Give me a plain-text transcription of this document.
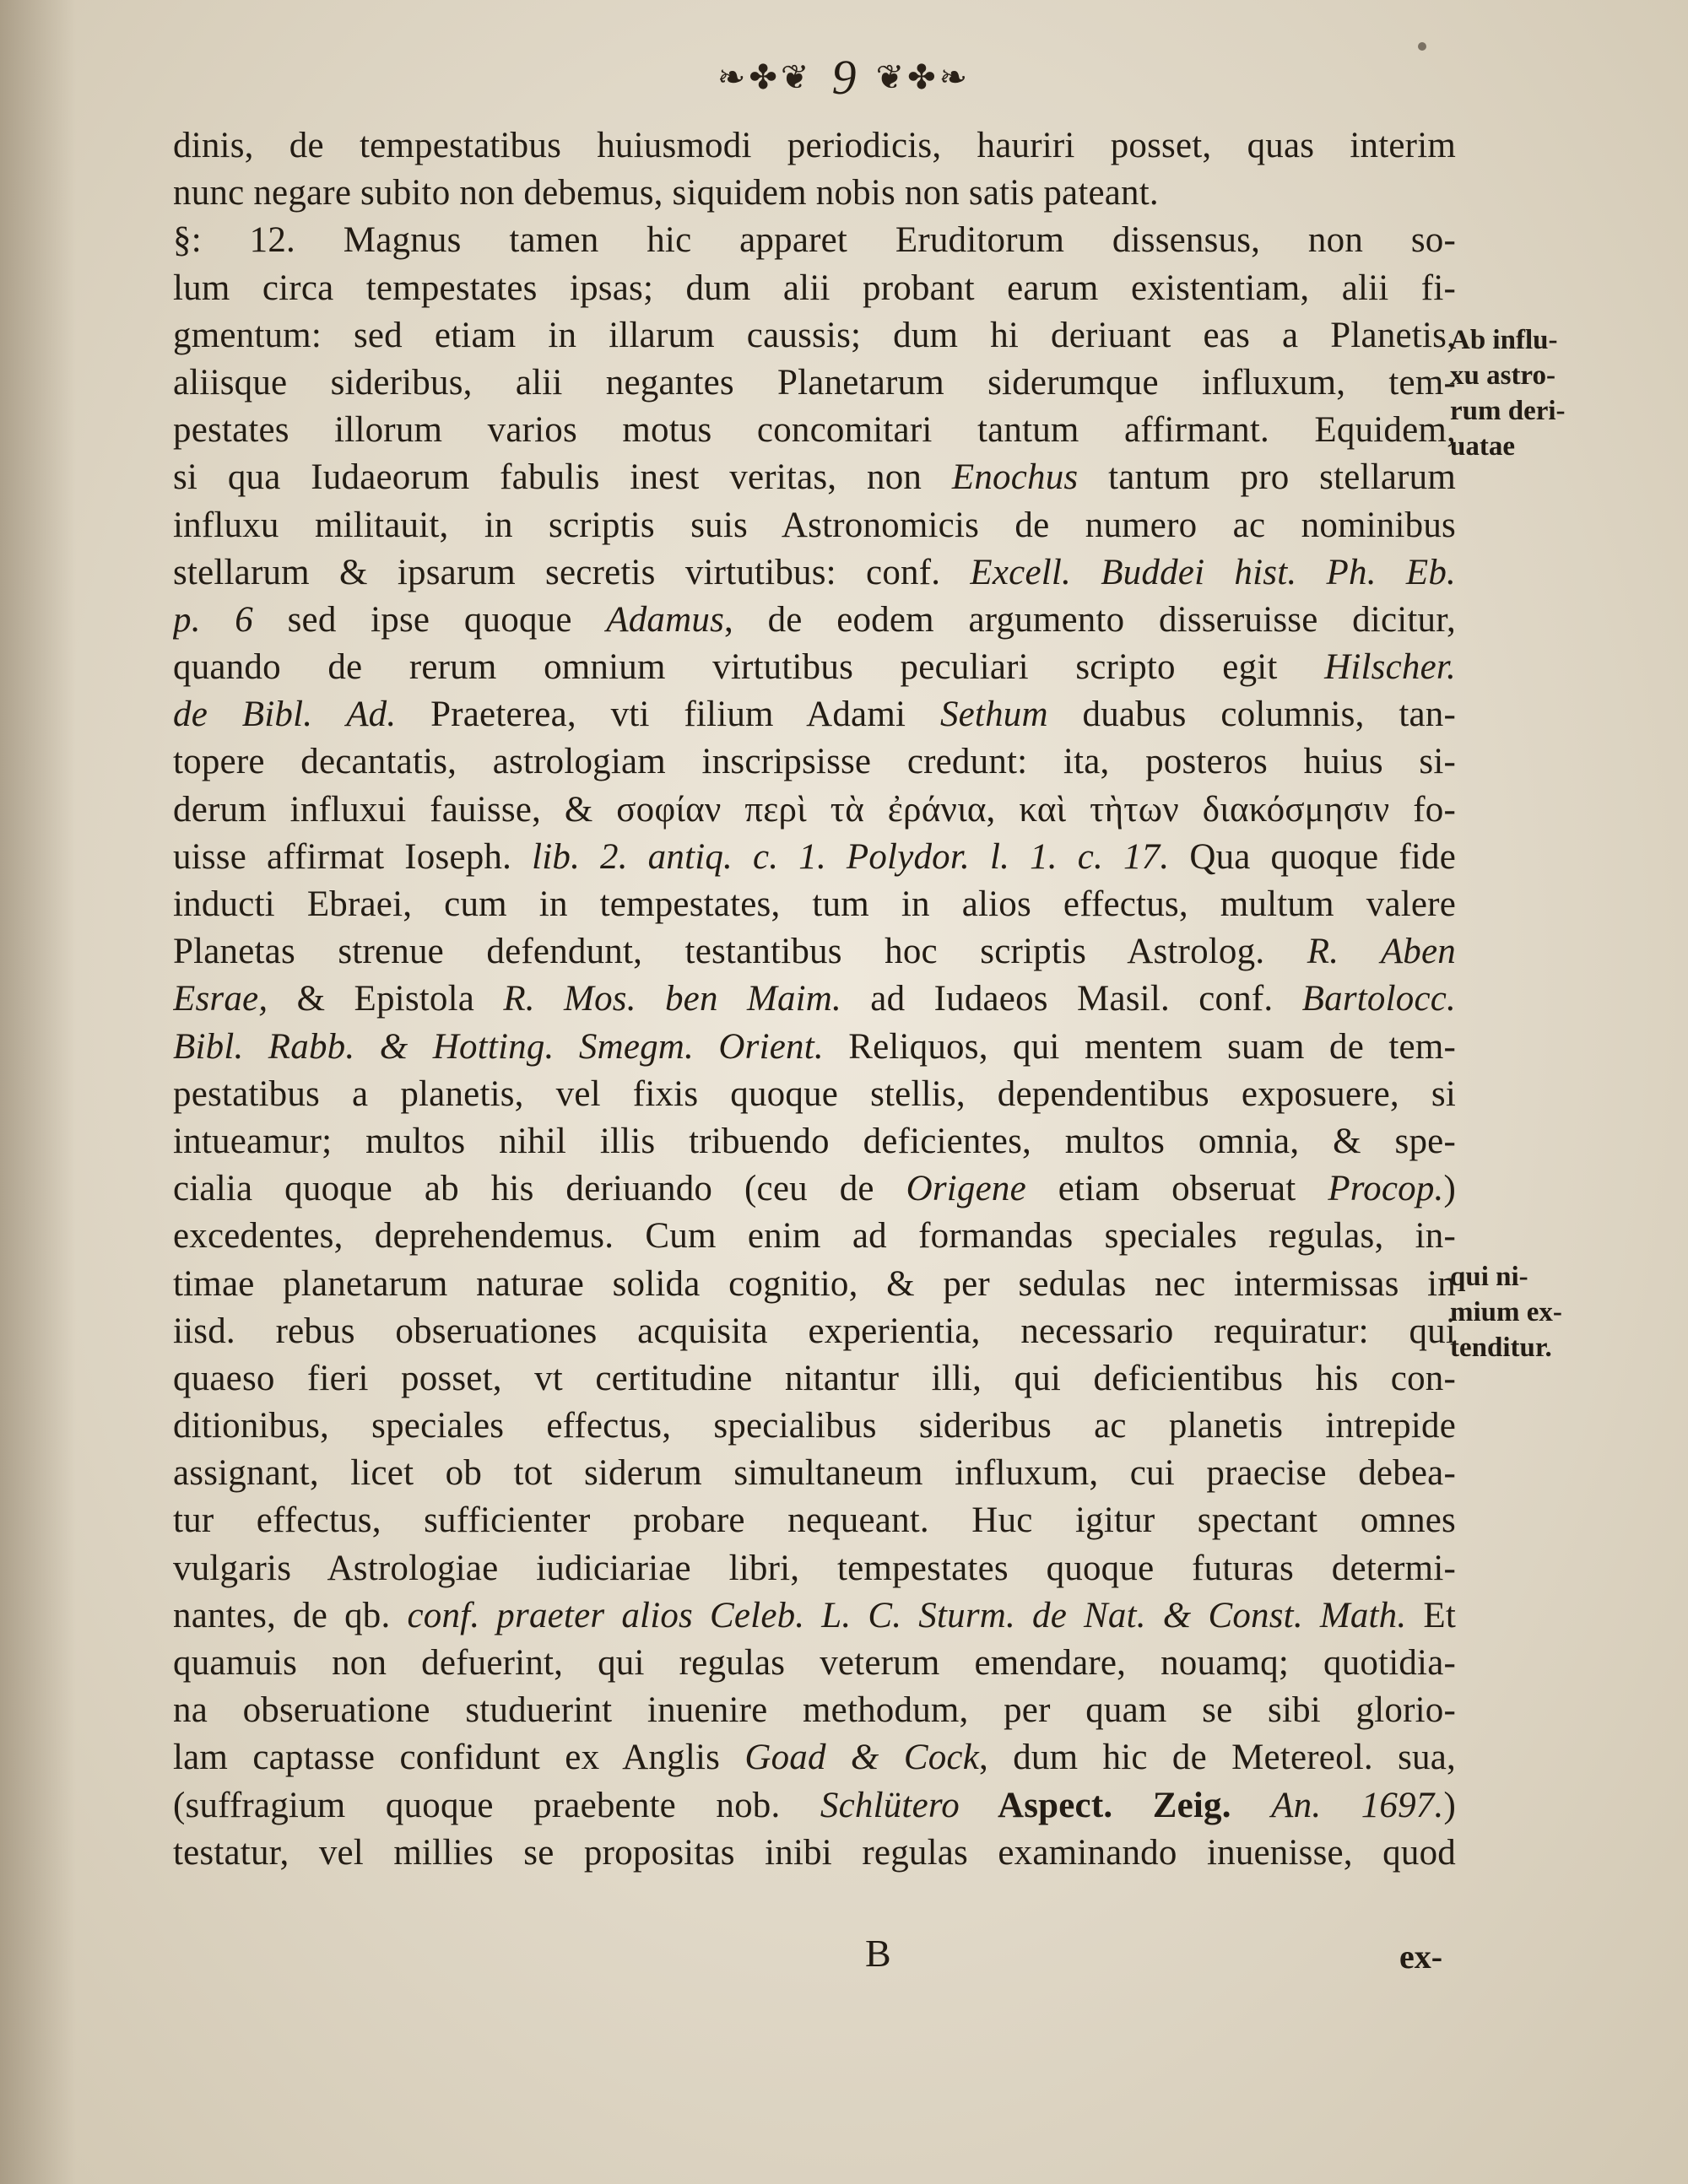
❧✤❦ 9 ❦✤❧
dinis, de tempestatibus huiusmodi periodicis, hauriri posset, quas interim
nunc negare subito non debemus, siquidem nobis non satis pateant.
§: 12. Magnus tamen hic apparet Eruditorum dissensus, non so-
lum circa tempestates ipsas; dum alii probant earum existentiam, alii fi-
gmentum: sed etiam in illarum caussis; dum hi deriuant eas a Planetis,
aliisque sideribus, alii negantes Planetarum siderumque influxum, tem-
pestates illorum varios motus concomitari tantum affirmant. Equidem,
si qua Iudaeorum fabulis inest veritas, non Enochus tantum pro stellarum
influxu militauit, in scriptis suis Astronomicis de numero ac nominibus
stellarum & ipsarum secretis virtutibus: conf. Excell. Buddei hist. Ph. Eb.
p. 6 sed ipse quoque Adamus, de eodem argumento disseruisse dicitur,
quando de rerum omnium virtutibus peculiari scripto egit Hilscher.
de Bibl. Ad. Praeterea, vti filium Adami Sethum duabus columnis, tan-
topere decantatis, astrologiam inscripsisse credunt: ita, posteros huius si-
derum influxui fauisse, & σοφίαν περὶ τὰ ἐράνια, καὶ τὴτων διακόσμησιν fo-
uisse affirmat Ioseph. lib. 2. antiq. c. 1. Polydor. l. 1. c. 17. Qua quoque fide
inducti Ebraei, cum in tempestates, tum in alios effectus, multum valere
Planetas strenue defendunt, testantibus hoc scriptis Astrolog. R. Aben
Esrae, & Epistola R. Mos. ben Maim. ad Iudaeos Masil. conf. Bartolocc.
Bibl. Rabb. & Hotting. Smegm. Orient. Reliquos, qui mentem suam de tem-
pestatibus a planetis, vel fixis quoque stellis, dependentibus exposuere, si
intueamur; multos nihil illis tribuendo deficientes, multos omnia, & spe-
cialia quoque ab his deriuando (ceu de Origene etiam obseruat Procop.)
excedentes, deprehendemus. Cum enim ad formandas speciales regulas, in-
timae planetarum naturae solida cognitio, & per sedulas nec intermissas in
iisd. rebus obseruationes acquisita experientia, necessario requiratur: qui
quaeso fieri posset, vt certitudine nitantur illi, qui deficientibus his con-
ditionibus, speciales effectus, specialibus sideribus ac planetis intrepide
assignant, licet ob tot siderum simultaneum influxum, cui praecise debea-
tur effectus, sufficienter probare nequeant. Huc igitur spectant omnes
vulgaris Astrologiae iudiciariae libri, tempestates quoque futuras determi-
nantes, de qb. conf. praeter alios Celeb. L. C. Sturm. de Nat. & Const. Math. Et
quamuis non defuerint, qui regulas veterum emendare, nouamq; quotidia-
na obseruatione studuerint inuenire methodum, per quam se sibi glorio-
lam captasse confidunt ex Anglis Goad & Cock, dum hic de Metereol. sua,
(suffragium quoque praebente nob. Schlütero Aspect. Zeig. An. 1697.)
testatur, vel millies se propositas inibi regulas examinando inuenisse, quod
Ab influ-
xu astro-
rum deri-
uatae
qui ni-
mium ex-
tenditur.
B	ex-
